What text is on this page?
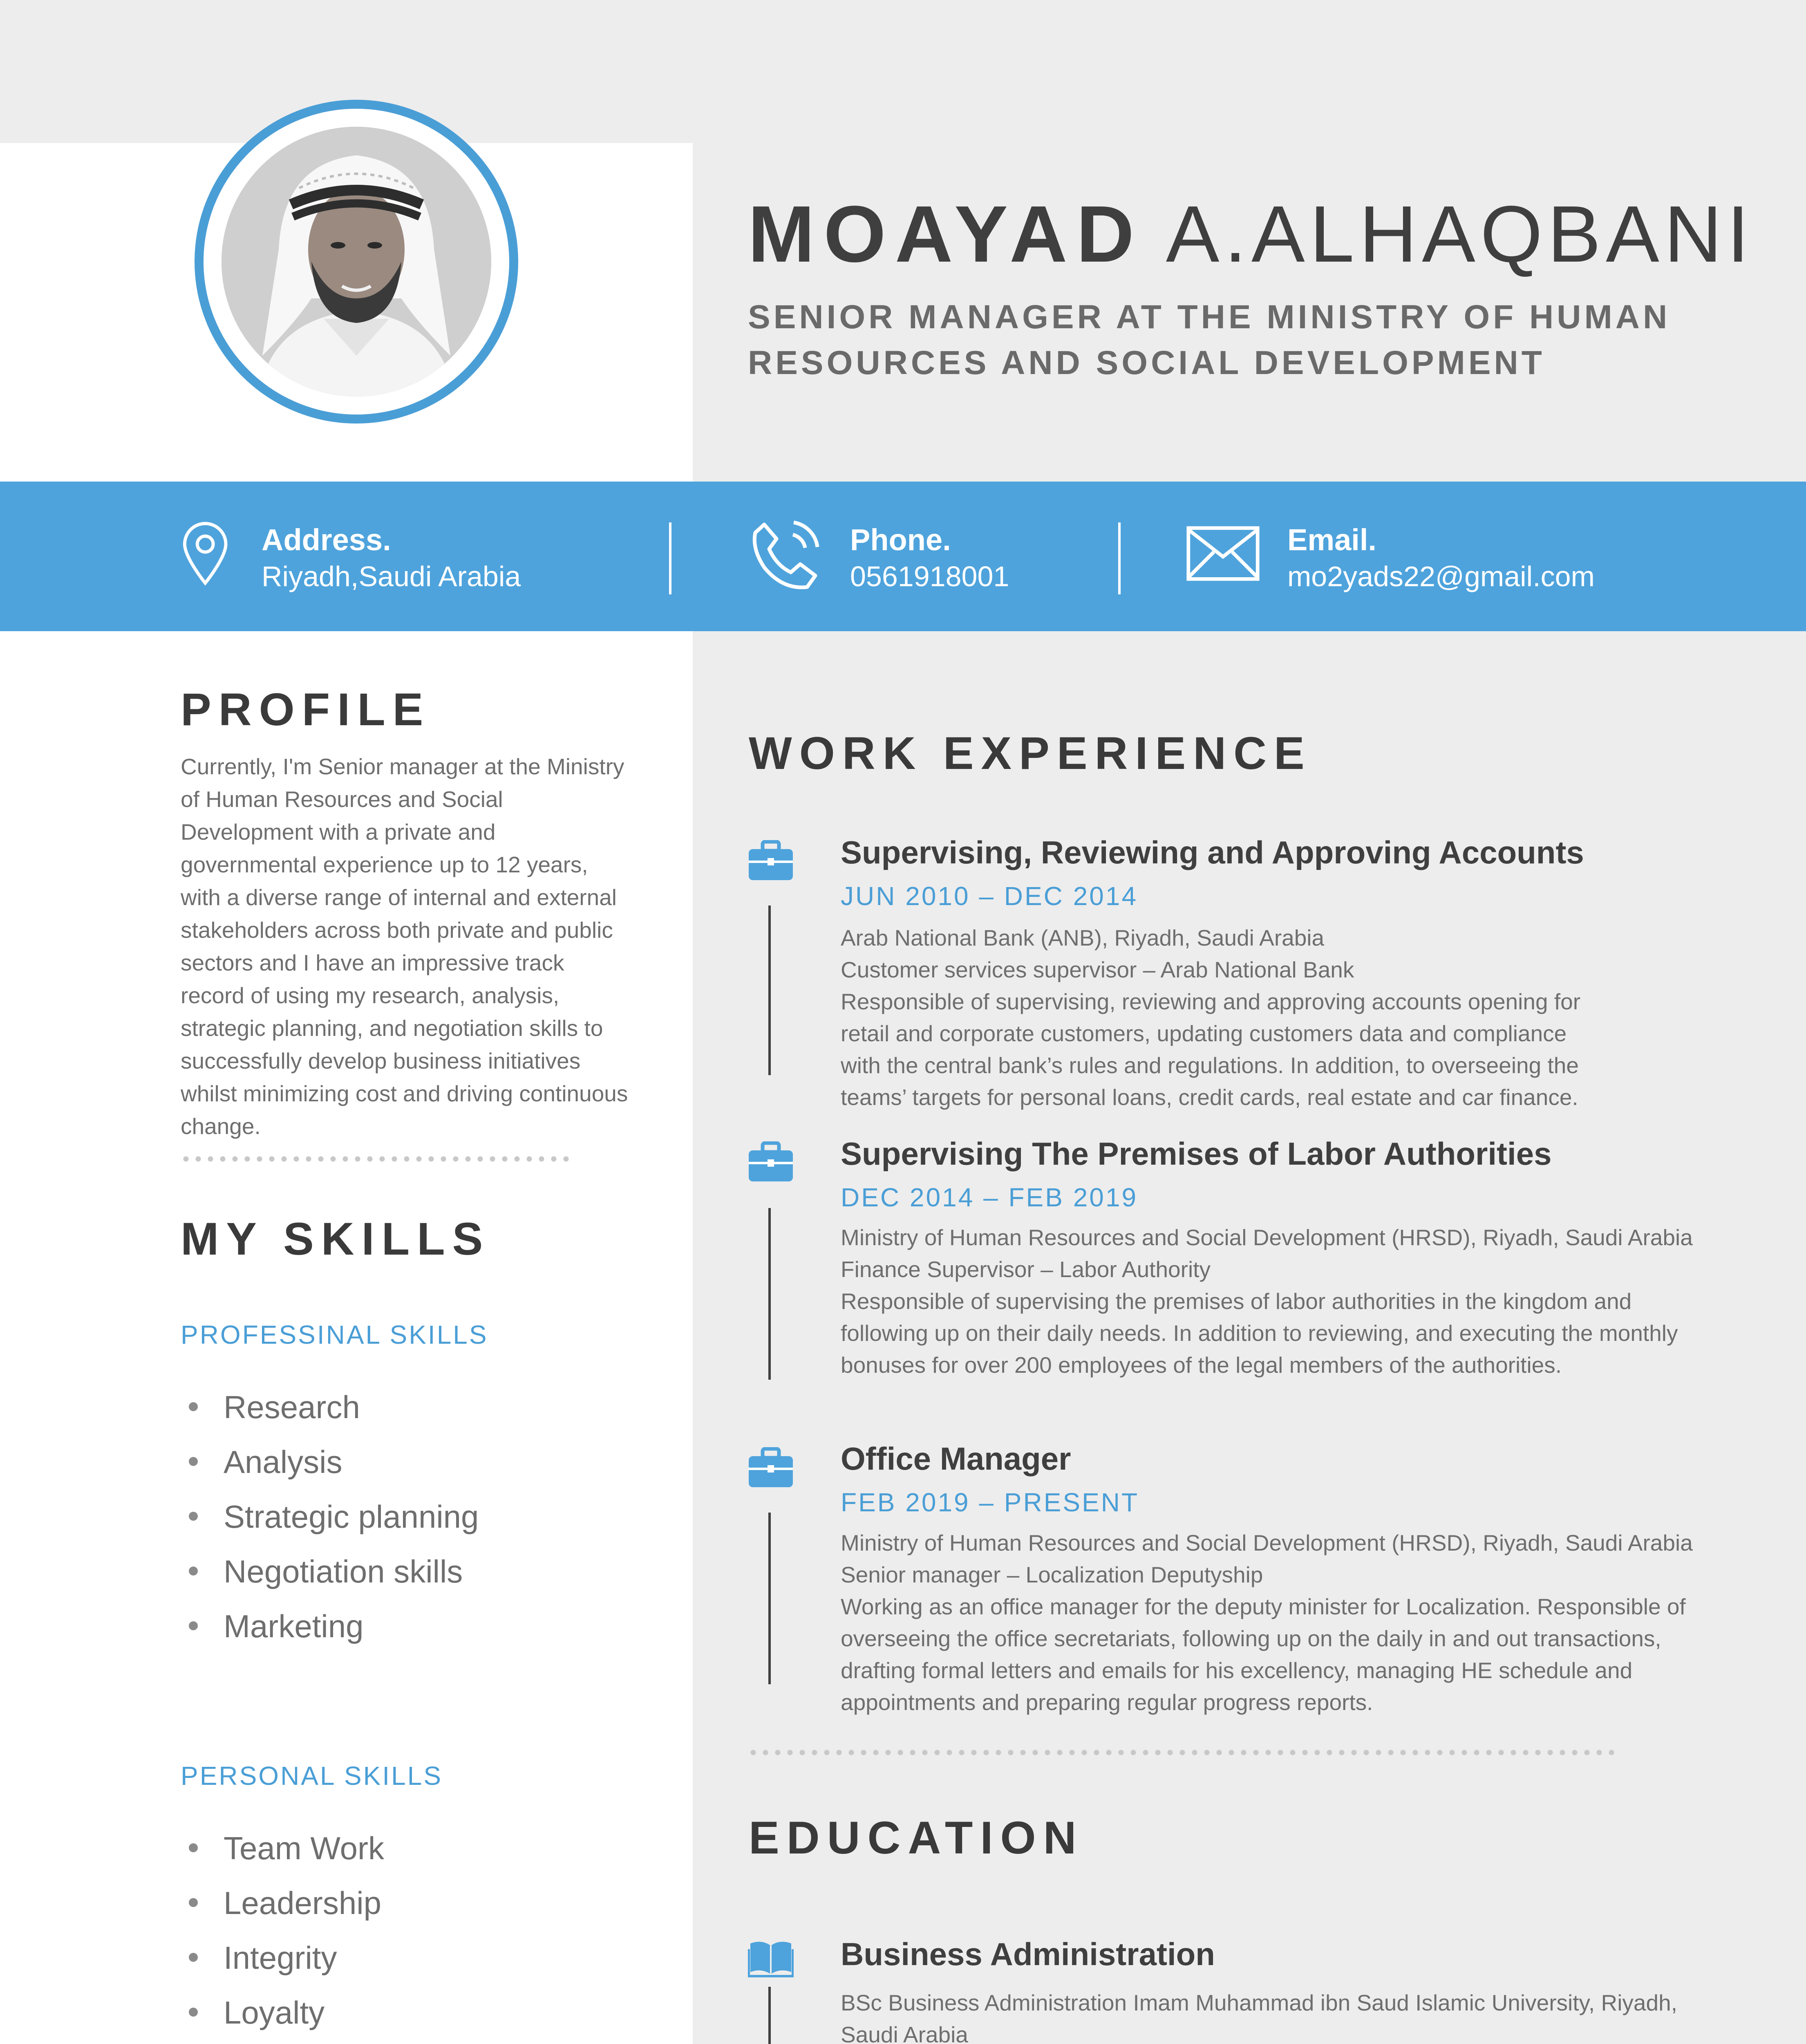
MOAYAD A.ALHAQBANI
SENIOR MANAGER AT THE MINISTRY OF HUMAN
RESOURCES AND SOCIAL DEVELOPMENT
Address.
Riyadh,Saudi Arabia
Phone.
0561918001
Email.
mo2yads22@gmail.com
PROFILE
Currently, I'm Senior manager at the Ministry
of Human Resources and Social
Development with a private and
governmental experience up to 12 years,
with a diverse range of internal and external
stakeholders across both private and public
sectors and I have an impressive track
record of using my research, analysis,
strategic planning, and negotiation skills to
successfully develop business initiatives
whilst minimizing cost and driving continuous
change.
MY SKILLS
PROFESSINAL SKILLS
Research
Analysis
Strategic planning
Negotiation skills
Marketing
PERSONAL SKILLS
Team Work
Leadership
Integrity
Loyalty
WORK EXPERIENCE
Supervising, Reviewing and Approving Accounts
JUN 2010 – DEC 2014
Arab National Bank (ANB), Riyadh, Saudi Arabia
Customer services supervisor – Arab National Bank
Responsible of supervising, reviewing and approving accounts opening for
retail and corporate customers, updating customers data and compliance
with the central bank’s rules and regulations. In addition, to overseeing the
teams’ targets for personal loans, credit cards, real estate and car finance.
Supervising The Premises of Labor Authorities
DEC 2014 – FEB 2019
Ministry of Human Resources and Social Development (HRSD), Riyadh, Saudi Arabia
Finance Supervisor – Labor Authority
Responsible of supervising the premises of labor authorities in the kingdom and
following up on their daily needs. In addition to reviewing, and executing the monthly
bonuses for over 200 employees of the legal members of the authorities.
Office Manager
FEB 2019 – PRESENT
Ministry of Human Resources and Social Development (HRSD), Riyadh, Saudi Arabia
Senior manager – Localization Deputyship
Working as an office manager for the deputy minister for Localization. Responsible of
overseeing the office secretariats, following up on the daily in and out transactions,
drafting formal letters and emails for his excellency, managing HE schedule and
appointments and preparing regular progress reports.
EDUCATION
Business Administration
BSc Business Administration Imam Muhammad ibn Saud Islamic University, Riyadh,
Saudi Arabia
